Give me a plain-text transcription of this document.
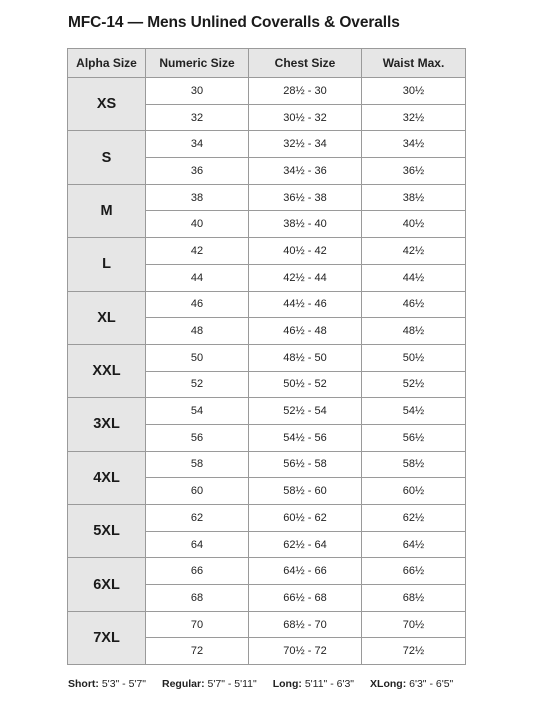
MFC-14 — Mens Unlined Coveralls & Overalls
Alpha Size	Numeric Size	Chest Size	Waist Max.
XS	30	28½ - 30	30½
	32	30½ - 32	32½
S	34	32½ - 34	34½
	36	34½ - 36	36½
M	38	36½ - 38	38½
	40	38½ - 40	40½
L	42	40½ - 42	42½
	44	42½ - 44	44½
XL	46	44½ - 46	46½
	48	46½ - 48	48½
XXL	50	48½ - 50	50½
	52	50½ - 52	52½
3XL	54	52½ - 54	54½
	56	54½ - 56	56½
4XL	58	56½ - 58	58½
	60	58½ - 60	60½
5XL	62	60½ - 62	62½
	64	62½ - 64	64½
6XL	66	64½ - 66	66½
	68	66½ - 68	68½
7XL	70	68½ - 70	70½
	72	70½ - 72	72½
Short: 5'3" - 5'7" Regular: 5'7" - 5'11" Long: 5'11" - 6'3" XLong: 6'3" - 6'5"
